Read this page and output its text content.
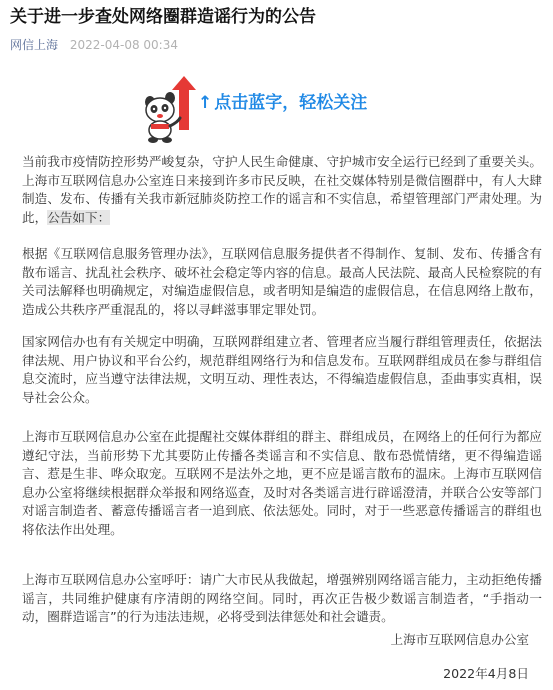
关于进一步查处网络圈群造谣行为的公告
网信上海 2022-04-08 00:34
↑ 点击蓝字，轻松关注

当前我市疫情防控形势严峻复杂，守护人民生命健康、守护城市安全运行已经到了重要关头。上海市互联网信息办公室连日来接到许多市民反映，在社交媒体特别是微信圈群中，有人大肆制造、发布、传播有关我市新冠肺炎防控工作的谣言和不实信息，希望管理部门严肃处理。为此，公告如下：

根据《互联网信息服务管理办法》，互联网信息服务提供者不得制作、复制、发布、传播含有散布谣言、扰乱社会秩序、破坏社会稳定等内容的信息。最高人民法院、最高人民检察院的有关司法解释也明确规定，对编造虚假信息，或者明知是编造的虚假信息，在信息网络上散布，造成公共秩序严重混乱的，将以寻衅滋事罪定罪处罚。

国家网信办也有有关规定中明确，互联网群组建立者、管理者应当履行群组管理责任，依据法律法规、用户协议和平台公约，规范群组网络行为和信息发布。互联网群组成员在参与群组信息交流时，应当遵守法律法规，文明互动、理性表达，不得编造虚假信息，歪曲事实真相，误导社会公众。

上海市互联网信息办公室在此提醒社交媒体群组的群主、群组成员，在网络上的任何行为都应遵纪守法，当前形势下尤其要防止传播各类谣言和不实信息、散布恐慌情绪，更不得编造谣言、惹是生非、哗众取宠。互联网不是法外之地，更不应是谣言散布的温床。上海市互联网信息办公室将继续根据群众举报和网络巡查，及时对各类谣言进行辟谣澄清，并联合公安等部门对谣言制造者、蓄意传播谣言者一追到底、依法惩处。同时，对于一些恶意传播谣言的群组也将依法作出处理。

上海市互联网信息办公室呼吁：请广大市民从我做起，增强辨别网络谣言能力，主动拒绝传播谣言，共同维护健康有序清朗的网络空间。同时，再次正告极少数谣言制造者，“手指动一动，圈群造谣言”的行为违法违规，必将受到法律惩处和社会谴责。

上海市互联网信息办公室
2022年4月8日
